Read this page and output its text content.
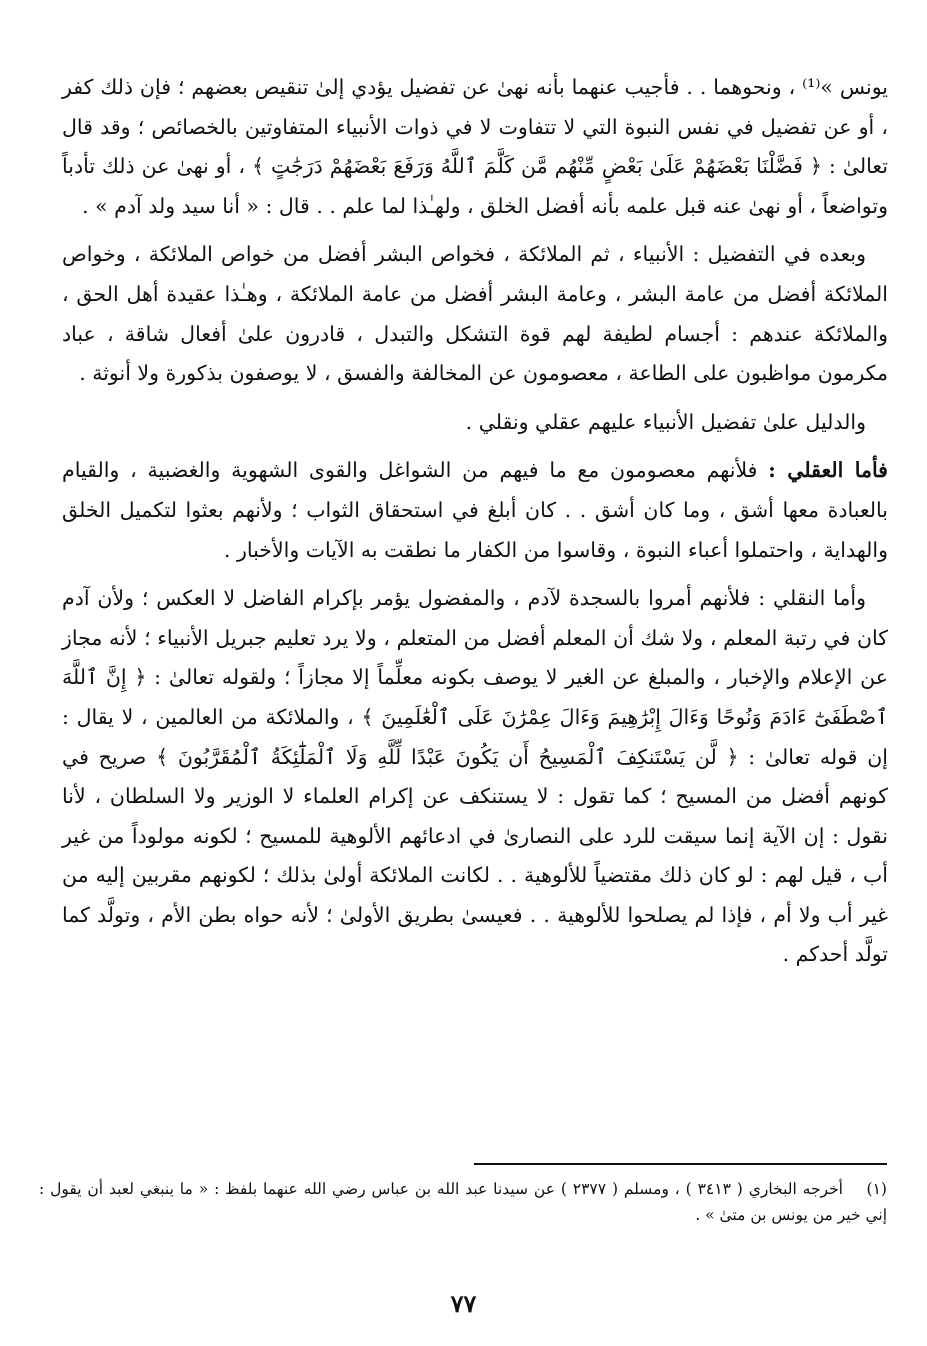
يونس »⁽¹⁾ ، ونحوهما . . فأجيب عنهما بأنه نهىٰ عن تفضيل يؤدي إلىٰ تنقيص بعضهم ؛ فإن ذلك كفر ، أو عن تفضيل في نفس النبوة التي لا تتفاوت لا في ذوات الأنبياء المتفاوتين بالخصائص ؛ وقد قال تعالىٰ : ﴿ فَضَّلْنَا بَعْضَهُمْ عَلَىٰ بَعْضٍ مِّنْهُم مَّن كَلَّمَ ٱللَّهُ وَرَفَعَ بَعْضَهُمْ دَرَجَٰتٍ ﴾ ، أو نهىٰ عن ذلك تأدباً وتواضعاً ، أو نهىٰ عنه قبل علمه بأنه أفضل الخلق ، ولهـٰذا لما علم . . قال : « أنا سيد ولد آدم » .

وبعده في التفضيل : الأنبياء ، ثم الملائكة ، فخواص البشر أفضل من خواص الملائكة ، وخواص الملائكة أفضل من عامة البشر ، وعامة البشر أفضل من عامة الملائكة ، وهـٰذا عقيدة أهل الحق ، والملائكة عندهم : أجسام لطيفة لهم قوة التشكل والتبدل ، قادرون علىٰ أفعال شاقة ، عباد مكرمون مواظبون على الطاعة ، معصومون عن المخالفة والفسق ، لا يوصفون بذكورة ولا أنوثة .

والدليل علىٰ تفضيل الأنبياء عليهم عقلي ونقلي .

فأما العقلي : فلأنهم معصومون مع ما فيهم من الشواغل والقوى الشهوية والغضبية ، والقيام بالعبادة معها أشق ، وما كان أشق . . كان أبلغ في استحقاق الثواب ؛ ولأنهم بعثوا لتكميل الخلق والهداية ، واحتملوا أعباء النبوة ، وقاسوا من الكفار ما نطقت به الآيات والأخبار .

وأما النقلي : فلأنهم أمروا بالسجدة لآدم ، والمفضول يؤمر بإكرام الفاضل لا العكس ؛ ولأن آدم كان في رتبة المعلم ، ولا شك أن المعلم أفضل من المتعلم ، ولا يرد تعليم جبريل الأنبياء ؛ لأنه مجاز عن الإعلام والإخبار ، والمبلغ عن الغير لا يوصف بكونه معلِّماً إلا مجازاً ؛ ولقوله تعالىٰ : ﴿ إِنَّ ٱللَّهَ ٱصْطَفَىٰٓ ءَادَمَ وَنُوحًا وَءَالَ إِبْرَٰهِيمَ وَءَالَ عِمْرَٰنَ عَلَى ٱلْعَٰلَمِينَ ﴾ ، والملائكة من العالمين ، لا يقال : إن قوله تعالىٰ : ﴿ لَّن يَسْتَنكِفَ ٱلْمَسِيحُ أَن يَكُونَ عَبْدًا لِّلَّهِ وَلَا ٱلْمَلَٰٓئِكَةُ ٱلْمُقَرَّبُونَ ﴾ صريح في كونهم أفضل من المسيح ؛ كما تقول : لا يستنكف عن إكرام العلماء لا الوزير ولا السلطان ، لأنا نقول : إن الآية إنما سيقت للرد على النصارىٰ في ادعائهم الألوهية للمسيح ؛ لكونه مولوداً من غير أب ، قيل لهم : لو كان ذلك مقتضياً للألوهية . . لكانت الملائكة أولىٰ بذلك ؛ لكونهم مقربين إليه من غير أب ولا أم ، فإذا لم يصلحوا للألوهية . . فعيسىٰ بطريق الأولىٰ ؛ لأنه حواه بطن الأم ، وتولَّد كما تولَّد أحدكم .

(١)أخرجه البخاري ( ٣٤١٣ ) ، ومسلم ( ٢٣٧٧ ) عن سيدنا عبد الله بن عباس رضي الله عنهما بلفظ : « ما ينبغي لعبد أن يقول : إني خير من يونس بن متىٰ » .
٧٧
